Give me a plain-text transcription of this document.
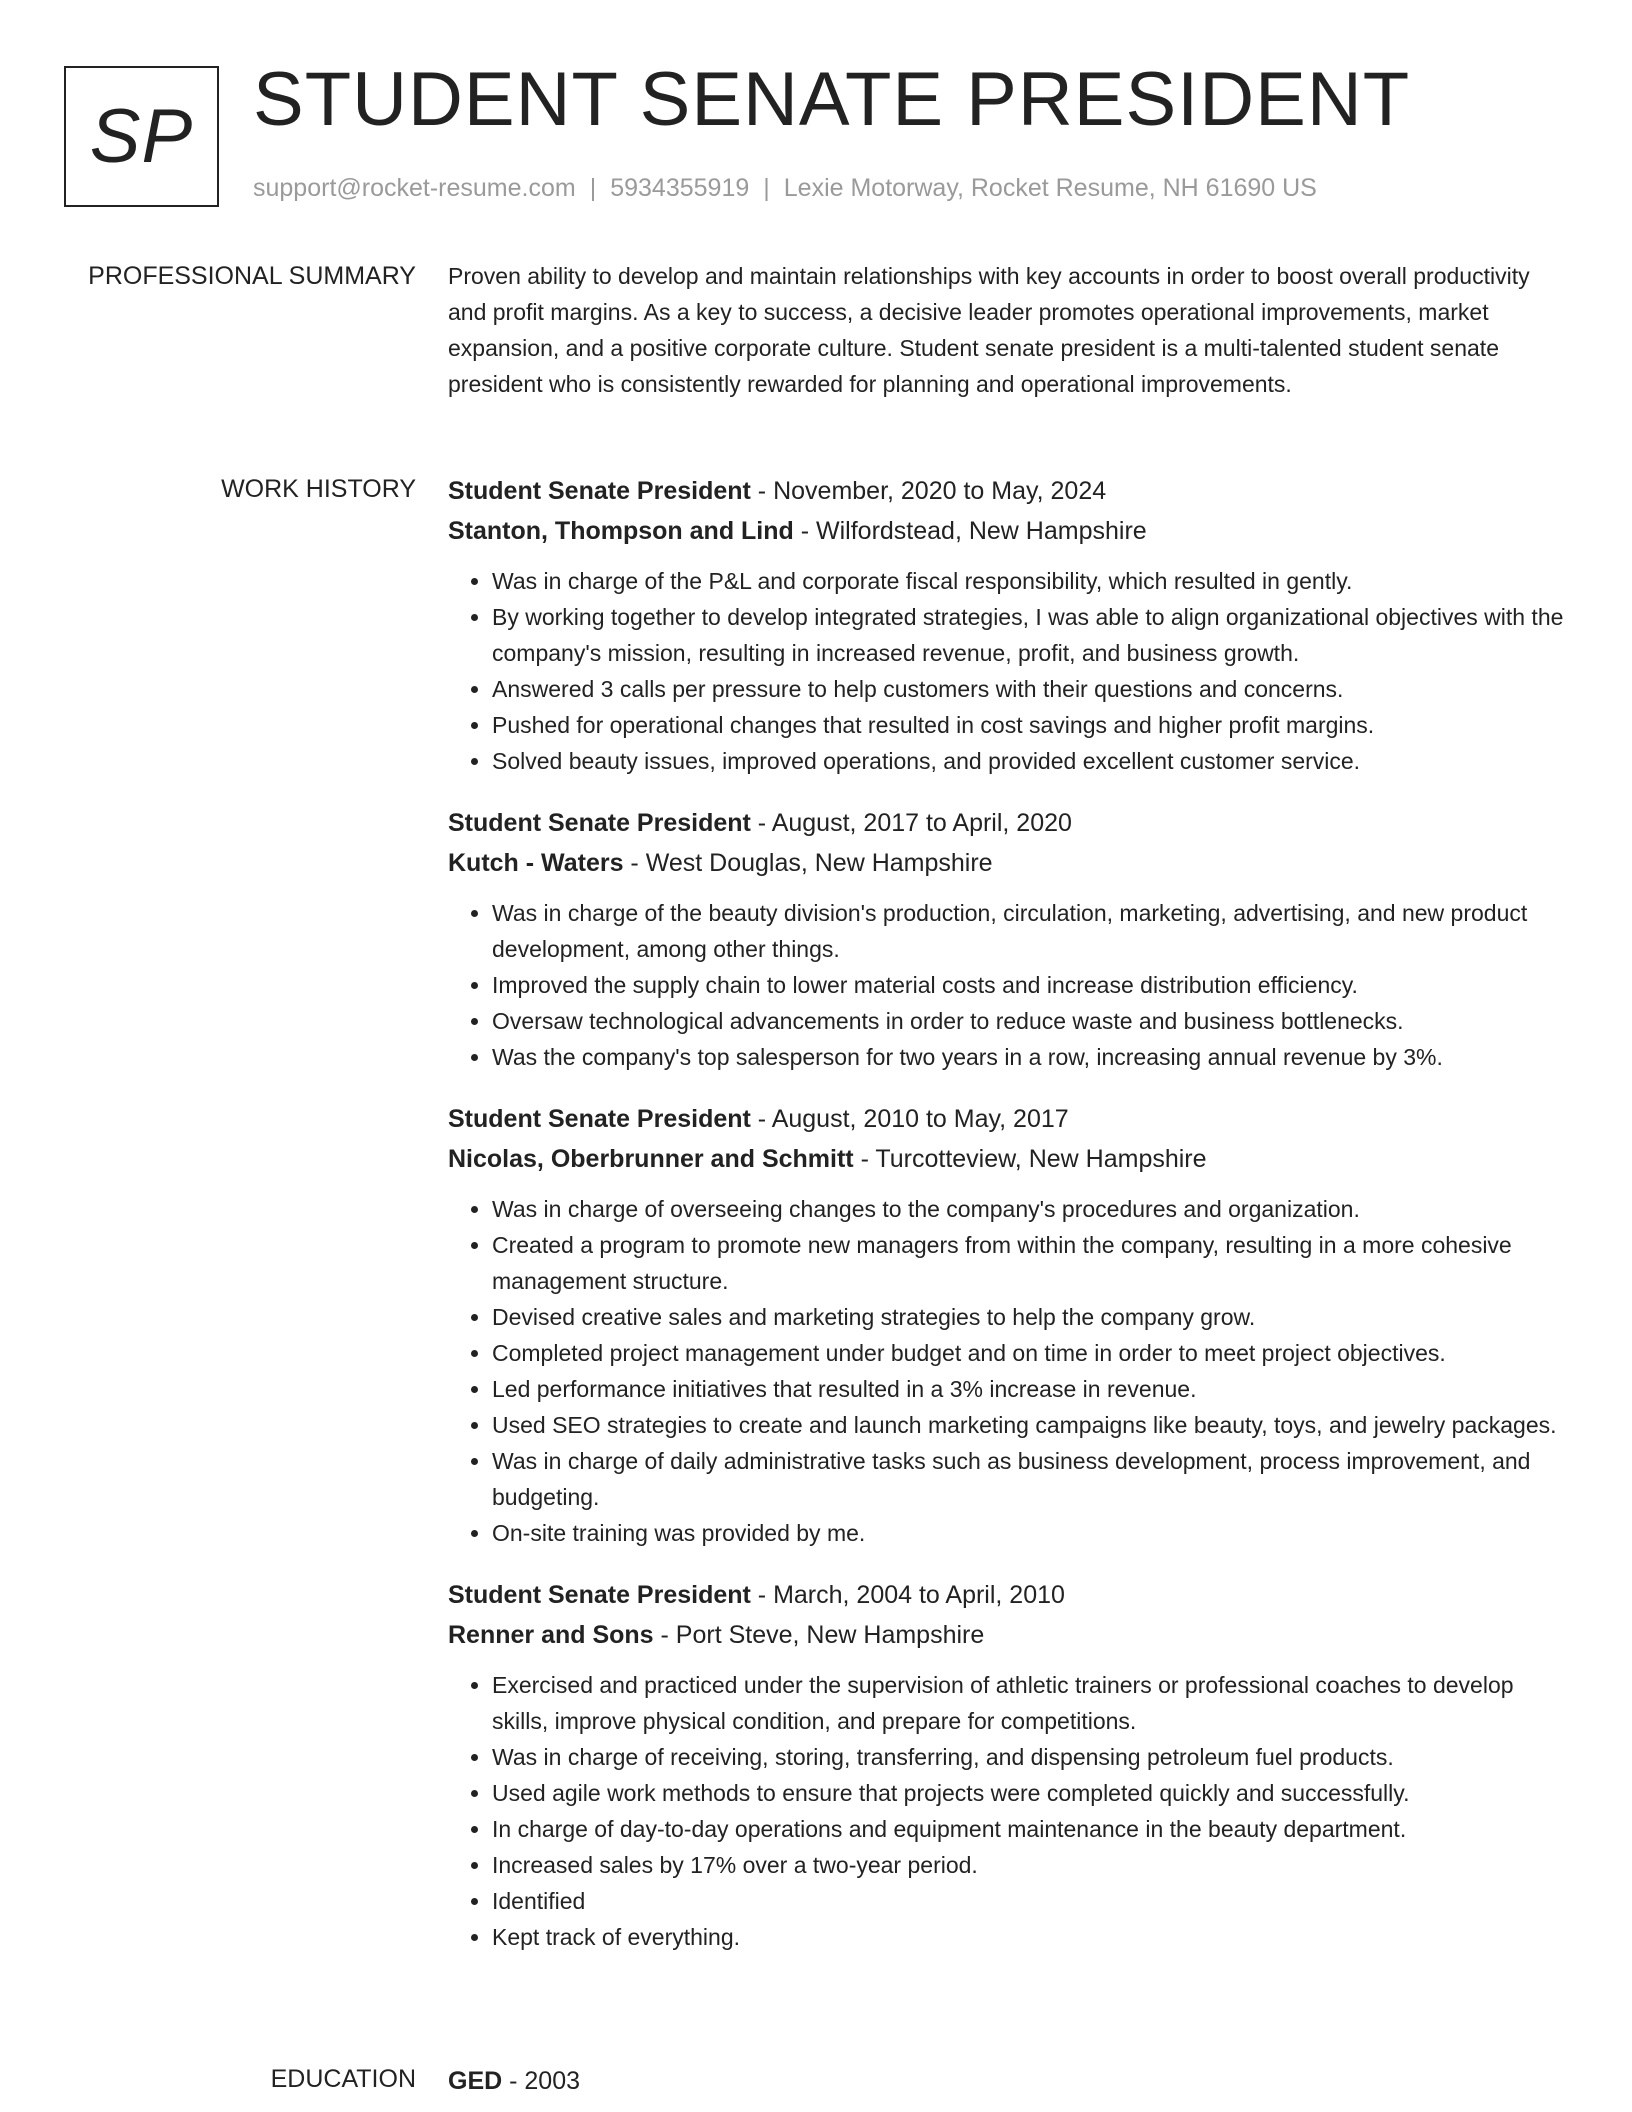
SP STUDENT SENATE PRESIDENT
support@rocket-resume.com | 5934355919 | Lexie Motorway, Rocket Resume, NH 61690 US
PROFESSIONAL SUMMARY Proven ability to develop and maintain relationships with key accounts in order to boost overall productivity and profit margins. As a key to success, a decisive leader promotes operational improvements, market expansion, and a positive corporate culture. Student senate president is a multi-talented student senate president who is consistently rewarded for planning and operational improvements.

WORK HISTORY Student Senate President - November, 2020 to May, 2024

Stanton, Thompson and Lind - Wilfordstead, New Hampshire

• Was in charge of the P&L and corporate fiscal responsibility, which resulted in gently.
• By working together to develop integrated strategies, I was able to align organizational objectives with the company's mission, resulting in increased revenue, profit, and business growth.
• Answered 3 calls per pressure to help customers with their questions and concerns.
• Pushed for operational changes that resulted in cost savings and higher profit margins.
• Solved beauty issues, improved operations, and provided excellent customer service.

Student Senate President - August, 2017 to April, 2020

Kutch - Waters - West Douglas, New Hampshire

• Was in charge of the beauty division's production, circulation, marketing, advertising, and new product development, among other things.
• Improved the supply chain to lower material costs and increase distribution efficiency.
• Oversaw technological advancements in order to reduce waste and business bottlenecks.
• Was the company's top salesperson for two years in a row, increasing annual revenue by 3%.

Student Senate President - August, 2010 to May, 2017

Nicolas, Oberbrunner and Schmitt - Turcotteview, New Hampshire

• Was in charge of overseeing changes to the company's procedures and organization.
• Created a program to promote new managers from within the company, resulting in a more cohesive management structure.
• Devised creative sales and marketing strategies to help the company grow.
• Completed project management under budget and on time in order to meet project objectives.
• Led performance initiatives that resulted in a 3% increase in revenue.
• Used SEO strategies to create and launch marketing campaigns like beauty, toys, and jewelry packages.
• Was in charge of daily administrative tasks such as business development, process improvement, and budgeting.
• On-site training was provided by me.

Student Senate President - March, 2004 to April, 2010

Renner and Sons - Port Steve, New Hampshire

• Exercised and practiced under the supervision of athletic trainers or professional coaches to develop skills, improve physical condition, and prepare for competitions.
• Was in charge of receiving, storing, transferring, and dispensing petroleum fuel products.
• Used agile work methods to ensure that projects were completed quickly and successfully.
• In charge of day-to-day operations and equipment maintenance in the beauty department.
• Increased sales by 17% over a two-year period.
• Identified
• Kept track of everything.
EDUCATION GED - 2003
